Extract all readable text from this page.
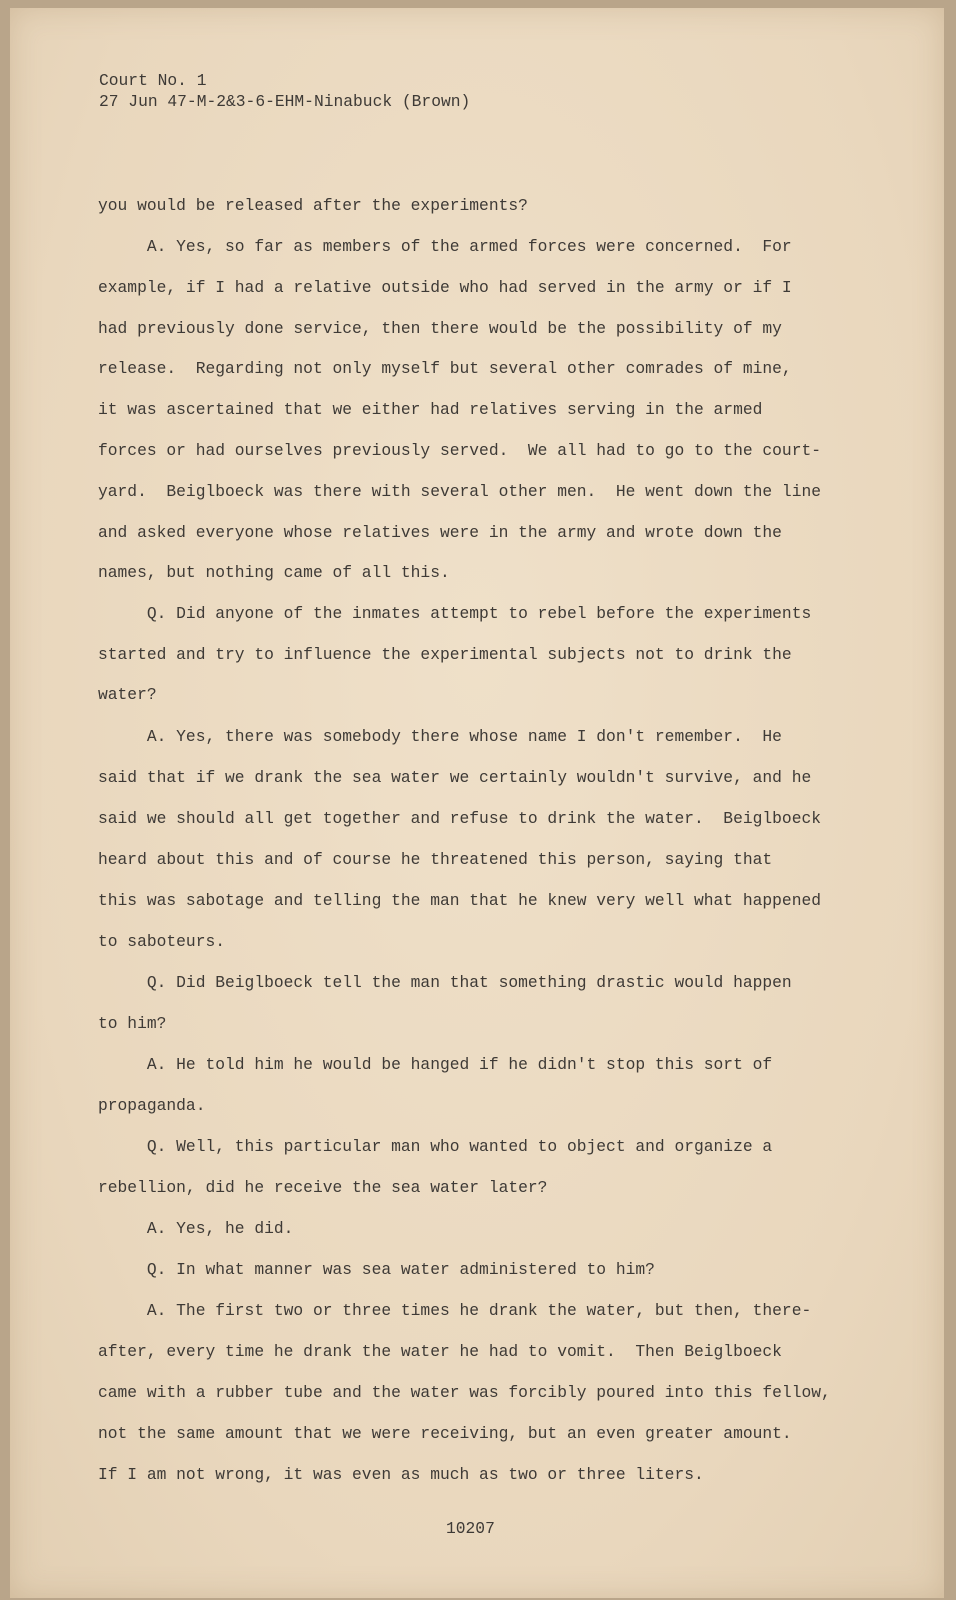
Court No. 1
27 Jun 47-M-2&3-6-EHM-Ninabuck (Brown)
you would be released after the experiments?
A. Yes, so far as members of the armed forces were concerned.  For
example, if I had a relative outside who had served in the army or if I
had previously done service, then there would be the possibility of my
release.  Regarding not only myself but several other comrades of mine,
it was ascertained that we either had relatives serving in the armed
forces or had ourselves previously served.  We all had to go to the court-
yard.  Beiglboeck was there with several other men.  He went down the line
and asked everyone whose relatives were in the army and wrote down the
names, but nothing came of all this.
Q. Did anyone of the inmates attempt to rebel before the experiments
started and try to influence the experimental subjects not to drink the
water?
A. Yes, there was somebody there whose name I don't remember.  He
said that if we drank the sea water we certainly wouldn't survive, and he
said we should all get together and refuse to drink the water.  Beiglboeck
heard about this and of course he threatened this person, saying that
this was sabotage and telling the man that he knew very well what happened
to saboteurs.
Q. Did Beiglboeck tell the man that something drastic would happen
to him?
A. He told him he would be hanged if he didn't stop this sort of
propaganda.
Q. Well, this particular man who wanted to object and organize a
rebellion, did he receive the sea water later?
A. Yes, he did.
Q. In what manner was sea water administered to him?
A. The first two or three times he drank the water, but then, there-
after, every time he drank the water he had to vomit.  Then Beiglboeck
came with a rubber tube and the water was forcibly poured into this fellow,
not the same amount that we were receiving, but an even greater amount.
If I am not wrong, it was even as much as two or three liters.
10207
